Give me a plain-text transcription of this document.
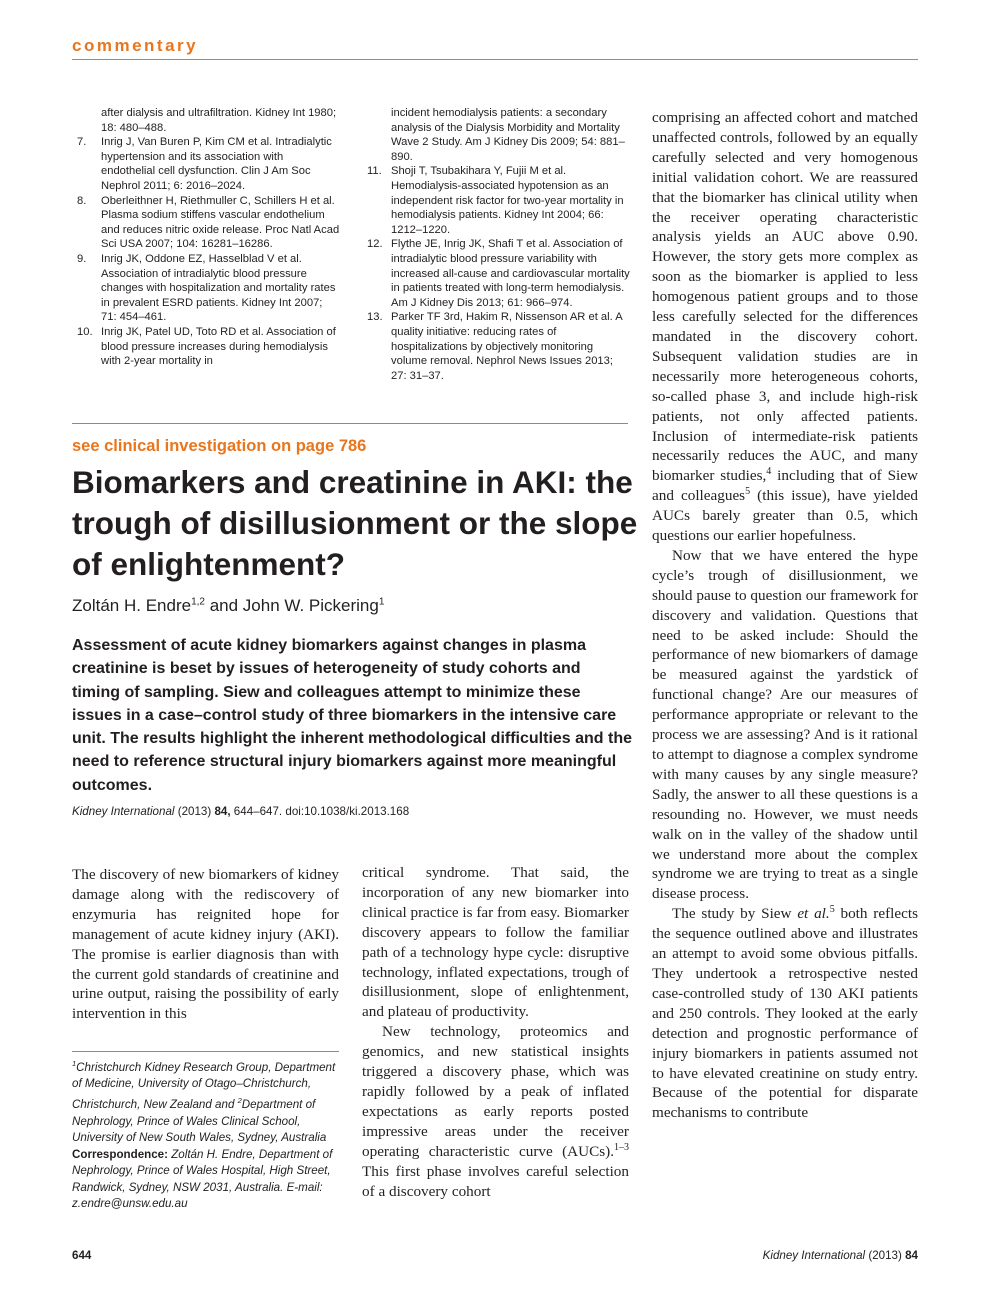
commentary

after dialysis and ultrafiltration. Kidney Int 1980; 18: 480–488.

7. Inrig J, Van Buren P, Kim CM et al. Intradialytic hypertension and its association with endothelial cell dysfunction. Clin J Am Soc Nephrol 2011; 6: 2016–2024.

8. Oberleithner H, Riethmuller C, Schillers H et al. Plasma sodium stiffens vascular endothelium and reduces nitric oxide release. Proc Natl Acad Sci USA 2007; 104: 16281–16286.

9. Inrig JK, Oddone EZ, Hasselblad V et al. Association of intradialytic blood pressure changes with hospitalization and mortality rates in prevalent ESRD patients. Kidney Int 2007; 71: 454–461.

10. Inrig JK, Patel UD, Toto RD et al. Association of blood pressure increases during hemodialysis with 2-year mortality in

incident hemodialysis patients: a secondary analysis of the Dialysis Morbidity and Mortality Wave 2 Study. Am J Kidney Dis 2009; 54: 881–890.

11. Shoji T, Tsubakihara Y, Fujii M et al. Hemodialysis-associated hypotension as an independent risk factor for two-year mortality in hemodialysis patients. Kidney Int 2004; 66: 1212–1220.

12. Flythe JE, Inrig JK, Shafi T et al. Association of intradialytic blood pressure variability with increased all-cause and cardiovascular mortality in patients treated with long-term hemodialysis. Am J Kidney Dis 2013; 61: 966–974.

13. Parker TF 3rd, Hakim R, Nissenson AR et al. A quality initiative: reducing rates of hospitalizations by objectively monitoring volume removal. Nephrol News Issues 2013; 27: 31–37.

see clinical investigation on page 786
Biomarkers and creatinine in AKI: the trough of disillusionment or the slope of enlightenment?
Zoltán H. Endre$^{1,2}$ and John W. Pickering$^1$
Assessment of acute kidney biomarkers against changes in plasma creatinine is beset by issues of heterogeneity of study cohorts and timing of sampling. Siew and colleagues attempt to minimize these issues in a case–control study of three biomarkers in the intensive care unit. The results highlight the inherent methodological difficulties and the need to reference structural injury biomarkers against more meaningful outcomes.
Kidney International (2013) 84, 644–647. doi:10.1038/ki.2013.168

The discovery of new biomarkers of kidney damage along with the rediscovery of enzymuria has reignited hope for management of acute kidney injury (AKI). The promise is earlier diagnosis than with the current gold standards of creatinine and urine output, raising the possibility of early intervention in this

$^1$Christchurch Kidney Research Group, Department of Medicine, University of Otago–Christchurch, Christchurch, New Zealand and $^2$Department of Nephrology, Prince of Wales Clinical School, University of New South Wales, Sydney, Australia
Correspondence: Zoltán H. Endre, Department of Nephrology, Prince of Wales Hospital, High Street, Randwick, Sydney, NSW 2031, Australia. E-mail: z.endre@unsw.edu.au

critical syndrome. That said, the incorporation of any new biomarker into clinical practice is far from easy. Biomarker discovery appears to follow the familiar path of a technology hype cycle: disruptive technology, inflated expectations, trough of disillusionment, slope of enlightenment, and plateau of productivity.

New technology, proteomics and genomics, and new statistical insights triggered a discovery phase, which was rapidly followed by a peak of inflated expectations as early reports posted impressive areas under the receiver operating characteristic curve (AUCs).$^{1-3}$ This first phase involves careful selection of a discovery cohort

comprising an affected cohort and matched unaffected controls, followed by an equally carefully selected and very homogenous initial validation cohort. We are reassured that the biomarker has clinical utility when the receiver operating characteristic analysis yields an AUC above 0.90. However, the story gets more complex as soon as the biomarker is applied to less homogenous patient groups and to those less carefully selected for the differences mandated in the discovery cohort. Subsequent validation studies are in necessarily more heterogeneous cohorts, so-called phase 3, and include high-risk patients, not only affected patients. Inclusion of intermediate-risk patients necessarily reduces the AUC, and many biomarker studies,$^4$ including that of Siew and colleagues$^5$ (this issue), have yielded AUCs barely greater than 0.5, which questions our earlier hopefulness.

Now that we have entered the hype cycle’s trough of disillusionment, we should pause to question our framework for discovery and validation. Questions that need to be asked include: Should the performance of new biomarkers of damage be measured against the yardstick of functional change? Are our measures of performance appropriate or relevant to the process we are assessing? And is it rational to attempt to diagnose a complex syndrome with many causes by any single measure? Sadly, the answer to all these questions is a resounding no. However, we must needs walk on in the valley of the shadow until we understand more about the complex syndrome we are trying to treat as a single disease process.

The study by Siew et al.$^5$ both reflects the sequence outlined above and illustrates an attempt to avoid some obvious pitfalls. They undertook a retrospective nested case-controlled study of 130 AKI patients and 250 controls. They looked at the early detection and prognostic performance of injury biomarkers in patients assumed not to have elevated creatinine on study entry. Because of the potential for disparate mechanisms to contribute

644	Kidney International (2013) 84
